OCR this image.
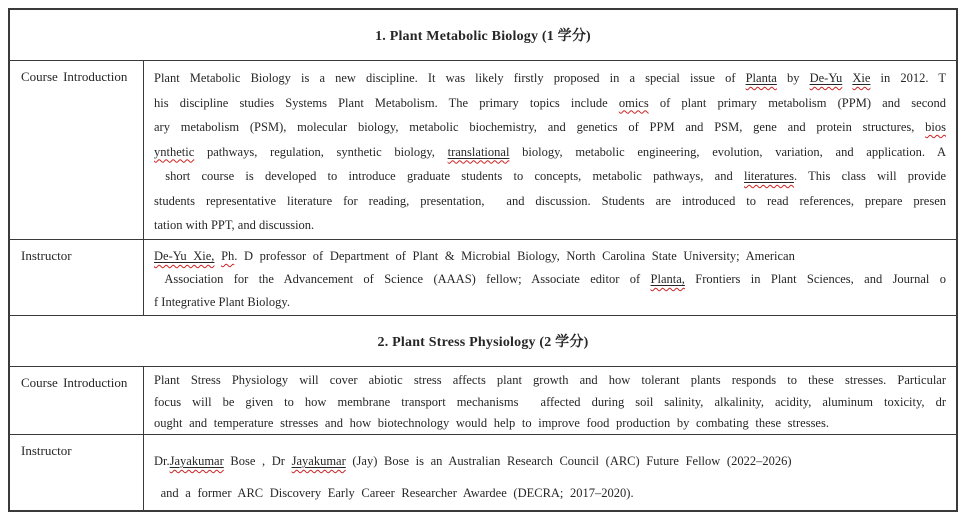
1. Plant Metabolic Biology (1 学分)
Course Introduction	Plant Metabolic Biology is a new discipline. It was likely firstly proposed in a special issue of Planta by De-Yu Xie in 2012. T
his discipline studies Systems Plant Metabolism. The primary topics include omics of plant primary metabolism (PPM) and second
ary metabolism (PSM), molecular biology, metabolic biochemistry, and genetics of PPM and PSM, gene and protein structures, bios
ynthetic pathways, regulation, synthetic biology, translational biology, metabolic engineering, evolution, variation, and application. A
short course is developed to introduce graduate students to concepts, metabolic pathways, and literatures. This class will provide
students representative literature for reading, presentation,  and discussion. Students are introduced to read references, prepare presen
tation with PPT, and discussion.
Instructor	De-Yu Xie, Ph. D professor of Department of Plant & Microbial Biology, North Carolina State University; American
Association for the Advancement of Science (AAAS) fellow; Associate editor of Planta, Frontiers in Plant Sciences, and Journal o
f Integrative Plant Biology.
2. Plant Stress Physiology (2 学分)
Course Introduction	Plant Stress Physiology will cover abiotic stress affects plant growth and how tolerant plants responds to these stresses. Particular
focus will be given to how membrane transport mechanisms  affected during soil salinity, alkalinity, acidity, aluminum toxicity, dr
ought and temperature stresses and how biotechnology would help to improve food production by combating these stresses.
Instructor
Dr.Jayakumar Bose , Dr Jayakumar (Jay) Bose is an Australian Research Council (ARC) Future Fellow (2022–2026)
and a former ARC Discovery Early Career Researcher Awardee (DECRA; 2017–2020).
